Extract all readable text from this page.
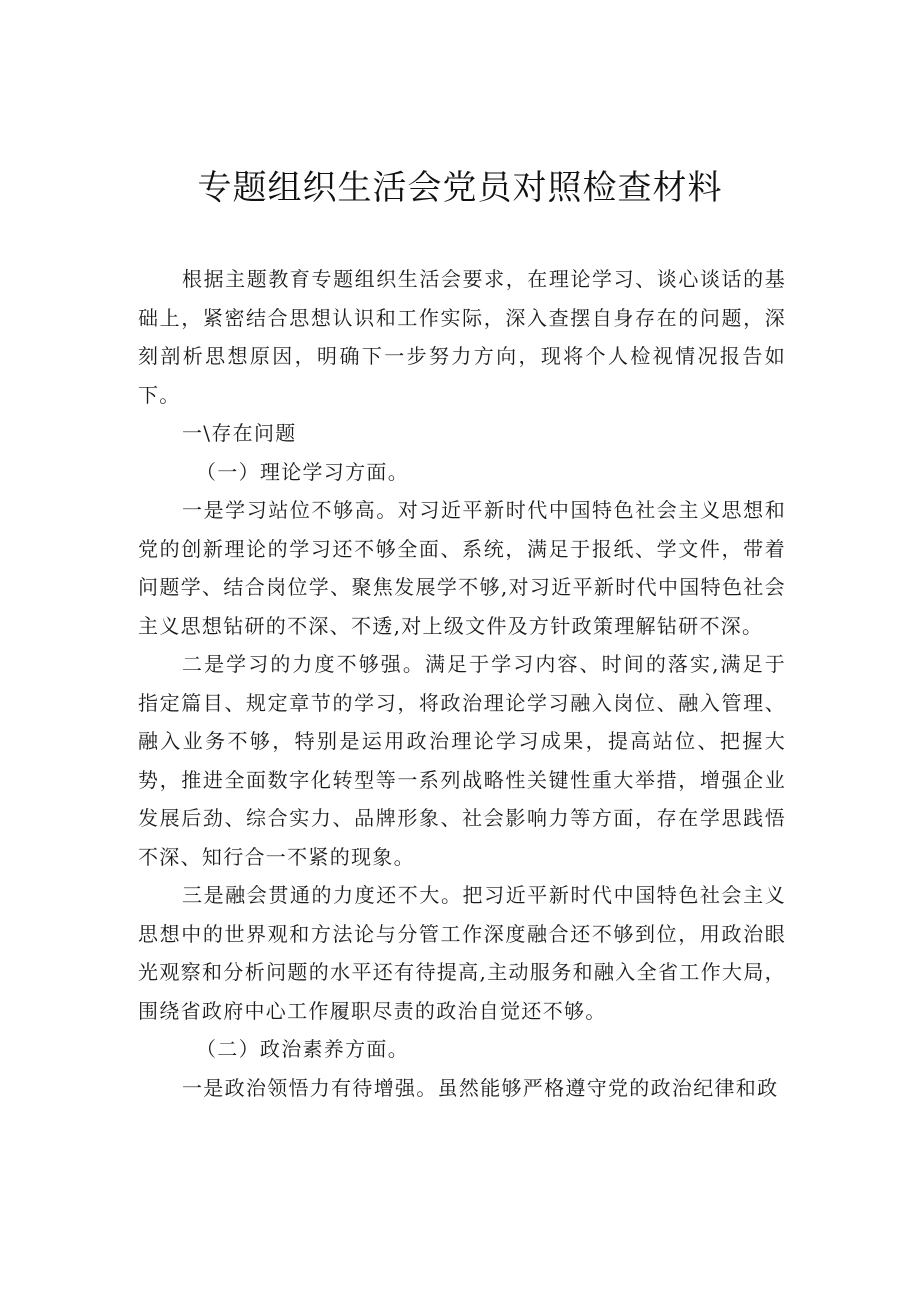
专题组织生活会党员对照检查材料

根据主题教育专题组织生活会要求，在理论学习、谈心谈话的基础上，紧密结合思想认识和工作实际，深入查摆自身存在的问题，深刻剖析思想原因，明确下一步努力方向，现将个人检视情况报告如下。

一\存在问题

（一）理论学习方面。

一是学习站位不够高。对习近平新时代中国特色社会主义思想和党的创新理论的学习还不够全面、系统，满足于报纸、学文件，带着问题学、结合岗位学、聚焦发展学不够,对习近平新时代中国特色社会主义思想钻研的不深、不透,对上级文件及方针政策理解钻研不深。

二是学习的力度不够强。满足于学习内容、时间的落实,满足于指定篇目、规定章节的学习，将政治理论学习融入岗位、融入管理、融入业务不够，特别是运用政治理论学习成果，提高站位、把握大势，推进全面数字化转型等一系列战略性关键性重大举措，增强企业发展后劲、综合实力、品牌形象、社会影响力等方面，存在学思践悟不深、知行合一不紧的现象。

三是融会贯通的力度还不大。把习近平新时代中国特色社会主义思想中的世界观和方法论与分管工作深度融合还不够到位，用政治眼光观察和分析问题的水平还有待提高,主动服务和融入全省工作大局，围绕省政府中心工作履职尽责的政治自觉还不够。

（二）政治素养方面。

一是政治领悟力有待增强。虽然能够严格遵守党的政治纪律和政
